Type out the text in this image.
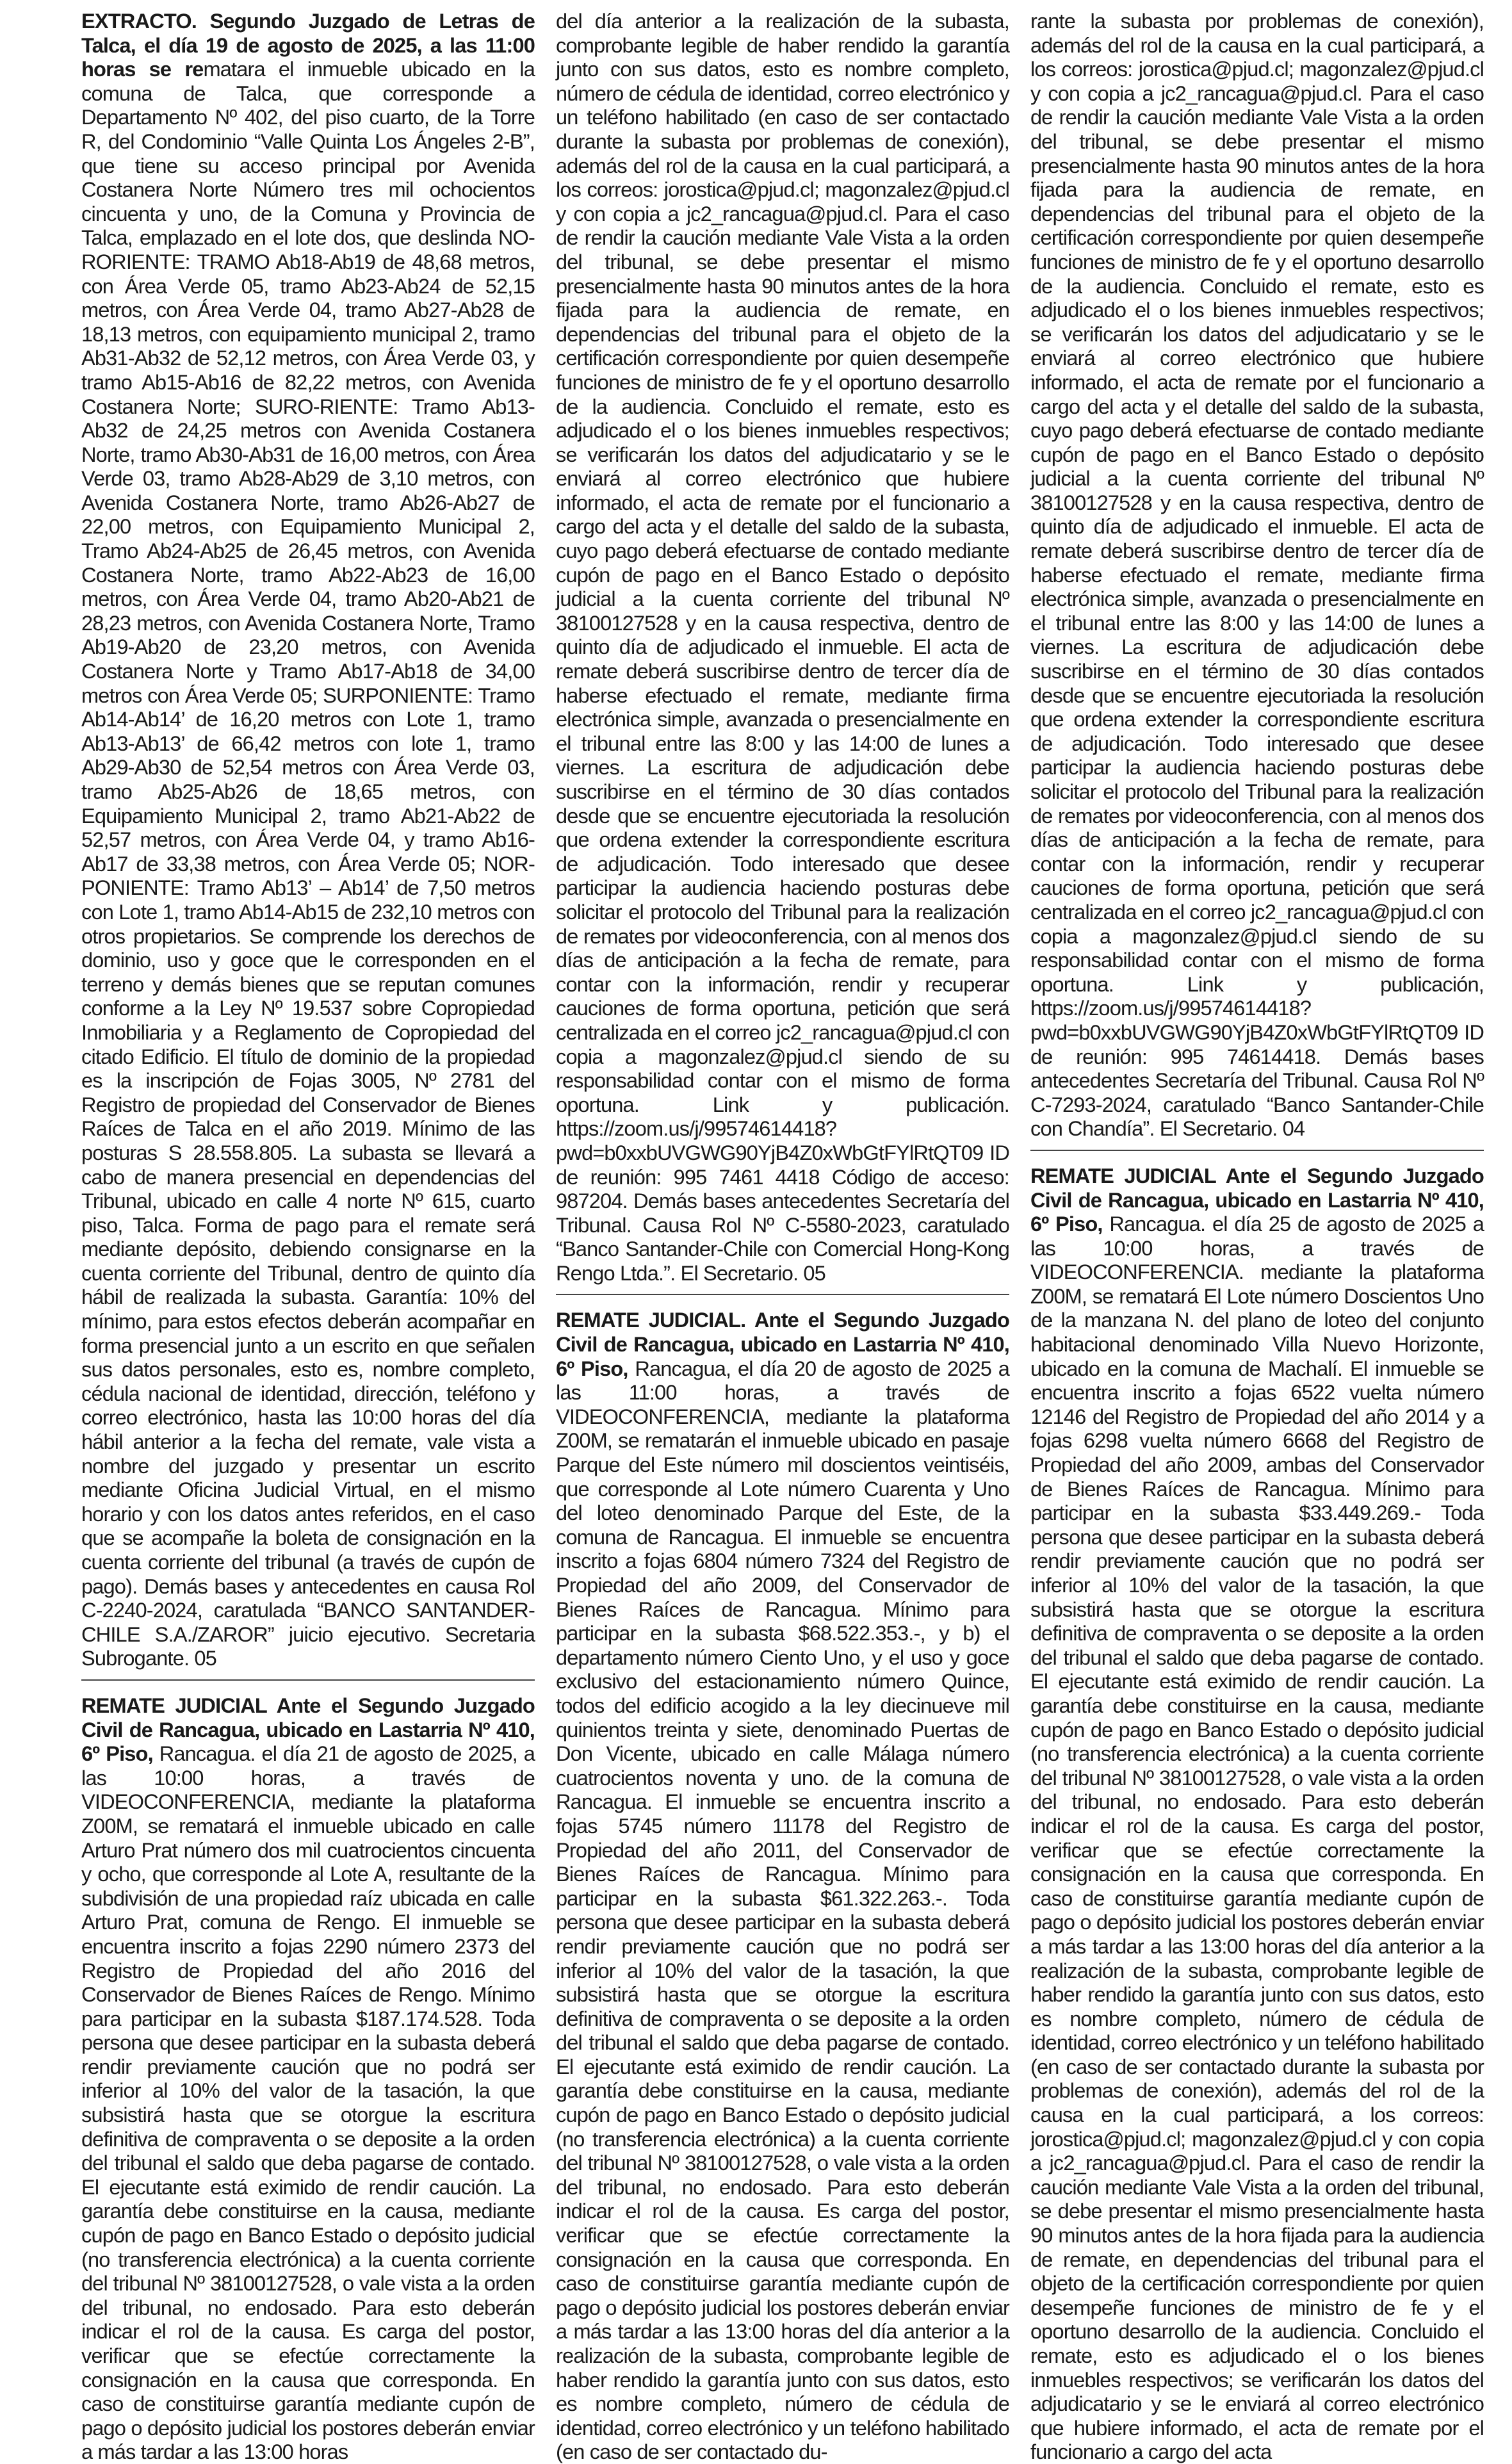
EXTRACTO. Segundo Juzgado de Letras de Talca, el día 19 de agosto de 2025, a las 11:00 horas se rematara el inmueble ubicado en la comuna de Talca, que corresponde a Departamento Nº 402, del piso cuarto, de la Torre R, del Condominio “Valle Quinta Los Ángeles 2-B”, que tiene su acceso principal por Avenida Costanera Norte Número tres mil ochocientos cincuenta y uno, de la Comuna y Provincia de Talca, emplazado en el lote dos, que deslinda NO-RORIENTE: TRAMO Ab18-Ab19 de 48,68 metros, con Área Verde 05, tramo Ab23-Ab24 de 52,15 metros, con Área Verde 04, tramo Ab27-Ab28 de 18,13 metros, con equipamiento municipal 2, tramo Ab31-Ab32 de 52,12 metros, con Área Verde 03, y tramo Ab15-Ab16 de 82,22 metros, con Avenida Costanera Norte; SURO-RIENTE: Tramo Ab13-Ab32 de 24,25 metros con Avenida Costanera Norte, tramo Ab30-Ab31 de 16,00 metros, con Área Verde 03, tramo Ab28-Ab29 de 3,10 metros, con Avenida Costanera Norte, tramo Ab26-Ab27 de 22,00 metros, con Equipamiento Municipal 2, Tramo Ab24-Ab25 de 26,45 metros, con Avenida Costanera Norte, tramo Ab22-Ab23 de 16,00 metros, con Área Verde 04, tramo Ab20-Ab21 de 28,23 metros, con Avenida Costanera Norte, Tramo Ab19-Ab20 de 23,20 metros, con Avenida Costanera Norte y Tramo Ab17-Ab18 de 34,00 metros con Área Verde 05; SURPONIENTE: Tramo Ab14-Ab14’ de 16,20 metros con Lote 1, tramo Ab13-Ab13’ de 66,42 metros con lote 1, tramo Ab29-Ab30 de 52,54 metros con Área Verde 03, tramo Ab25-Ab26 de 18,65 metros, con Equipamiento Municipal 2, tramo Ab21-Ab22 de 52,57 metros, con Área Verde 04, y tramo Ab16- Ab17 de 33,38 metros, con Área Verde 05; NOR-PONIENTE: Tramo Ab13’ – Ab14’ de 7,50 metros con Lote 1, tramo Ab14-Ab15 de 232,10 metros con otros propietarios. Se comprende los derechos de dominio, uso y goce que le corresponden en el terreno y demás bienes que se reputan comunes conforme a la Ley Nº 19.537 sobre Copropiedad Inmobiliaria y a Reglamento de Copropiedad del citado Edificio. El título de dominio de la propiedad es la inscripción de Fojas 3005, Nº 2781 del Registro de propiedad del Conservador de Bienes Raíces de Talca en el año 2019. Mínimo de las posturas S 28.558.805. La subasta se llevará a cabo de manera presencial en dependencias del Tribunal, ubicado en calle 4 norte Nº 615, cuarto piso, Talca. Forma de pago para el remate será mediante depósito, debiendo consignarse en la cuenta corriente del Tribunal, dentro de quinto día hábil de realizada la subasta. Garantía: 10% del mínimo, para estos efectos deberán acompañar en forma presencial junto a un escrito en que señalen sus datos personales, esto es, nombre completo, cédula nacional de identidad, dirección, teléfono y correo electrónico, hasta las 10:00 horas del día hábil anterior a la fecha del remate, vale vista a nombre del juzgado y presentar un escrito mediante Oficina Judicial Virtual, en el mismo horario y con los datos antes referidos, en el caso que se acompañe la boleta de consignación en la cuenta corriente del tribunal (a través de cupón de pago). Demás bases y antecedentes en causa Rol C-2240-2024, caratulada “BANCO SANTANDER-CHILE S.A./ZAROR” juicio ejecutivo. Secretaria Subrogante. 05

REMATE JUDICIAL Ante el Segundo Juzgado Civil de Rancagua, ubicado en Lastarria Nº 410, 6º Piso, Rancagua. el día 21 de agosto de 2025, a las 10:00 horas, a través de VIDEOCONFERENCIA, mediante la plataforma Z00M, se rematará el inmueble ubicado en calle Arturo Prat número dos mil cuatrocientos cincuenta y ocho, que corresponde al Lote A, resultante de la subdivisión de una propiedad raíz ubicada en calle Arturo Prat, comuna de Rengo. El inmueble se encuentra inscrito a fojas 2290 número 2373 del Registro de Propiedad del año 2016 del Conservador de Bienes Raíces de Rengo. Mínimo para participar en la subasta $187.174.528. Toda persona que desee participar en la subasta deberá rendir previamente caución que no podrá ser inferior al 10% del valor de la tasación, la que subsistirá hasta que se otorgue la escritura definitiva de compraventa o se deposite a la orden del tribunal el saldo que deba pagarse de contado. El ejecutante está eximido de rendir caución. La garantía debe constituirse en la causa, mediante cupón de pago en Banco Estado o depósito judicial (no transferencia electrónica) a la cuenta corriente del tribunal Nº 38100127528, o vale vista a la orden del tribunal, no endosado. Para esto deberán indicar el rol de la causa. Es carga del postor, verificar que se efectúe correctamente la consignación en la causa que corresponda. En caso de constituirse garantía mediante cupón de pago o depósito judicial los postores deberán enviar a más tardar a las 13:00 horas

del día anterior a la realización de la subasta, comprobante legible de haber rendido la garantía junto con sus datos, esto es nombre completo, número de cédula de identidad, correo electrónico y un teléfono habilitado (en caso de ser contactado durante la subasta por problemas de conexión), además del rol de la causa en la cual participará, a los correos: jorostica@pjud.cl; magonzalez@pjud.cl y con copia a jc2_rancagua@pjud.cl. Para el caso de rendir la caución mediante Vale Vista a la orden del tribunal, se debe presentar el mismo presencialmente hasta 90 minutos antes de la hora fijada para la audiencia de remate, en dependencias del tribunal para el objeto de la certificación correspondiente por quien desempeñe funciones de ministro de fe y el oportuno desarrollo de la audiencia. Concluido el remate, esto es adjudicado el o los bienes inmuebles respectivos; se verificarán los datos del adjudicatario y se le enviará al correo electrónico que hubiere informado, el acta de remate por el funcionario a cargo del acta y el detalle del saldo de la subasta, cuyo pago deberá efectuarse de contado mediante cupón de pago en el Banco Estado o depósito judicial a la cuenta corriente del tribunal Nº 38100127528 y en la causa respectiva, dentro de quinto día de adjudicado el inmueble. El acta de remate deberá suscribirse dentro de tercer día de haberse efectuado el remate, mediante firma electrónica simple, avanzada o presencialmente en el tribunal entre las 8:00 y las 14:00 de lunes a viernes. La escritura de adjudicación debe suscribirse en el término de 30 días contados desde que se encuentre ejecutoriada la resolución que ordena extender la correspondiente escritura de adjudicación. Todo interesado que desee participar la audiencia haciendo posturas debe solicitar el protocolo del Tribunal para la realización de remates por videoconferencia, con al menos dos días de anticipación a la fecha de remate, para contar con la información, rendir y recuperar cauciones de forma oportuna, petición que será centralizada en el correo jc2_rancagua@pjud.cl con copia a magonzalez@pjud.cl siendo de su responsabilidad contar con el mismo de forma oportuna. Link y publicación. https://zoom.us/j/99574614418?pwd=b0xxbUVGWG90YjB4Z0xWbGtFYlRtQT09 ID de reunión: 995 7461 4418 Código de acceso: 987204. Demás bases antecedentes Secretaría del Tribunal. Causa Rol Nº C-5580-2023, caratulado “Banco Santander-Chile con Comercial Hong-Kong Rengo Ltda.”. El Secretario. 05

REMATE JUDICIAL. Ante el Segundo Juzgado Civil de Rancagua, ubicado en Lastarria Nº 410, 6º Piso, Rancagua, el día 20 de agosto de 2025 a las 11:00 horas, a través de VIDEOCONFERENCIA, mediante la plataforma Z00M, se rematarán el inmueble ubicado en pasaje Parque del Este número mil doscientos veintiséis, que corresponde al Lote número Cuarenta y Uno del loteo denominado Parque del Este, de la comuna de Rancagua. El inmueble se encuentra inscrito a fojas 6804 número 7324 del Registro de Propiedad del año 2009, del Conservador de Bienes Raíces de Rancagua. Mínimo para participar en la subasta $68.522.353.-, y b) el departamento número Ciento Uno, y el uso y goce exclusivo del estacionamiento número Quince, todos del edificio acogido a la ley diecinueve mil quinientos treinta y siete, denominado Puertas de Don Vicente, ubicado en calle Málaga número cuatrocientos noventa y uno. de la comuna de Rancagua. El inmueble se encuentra inscrito a fojas 5745 número 11178 del Registro de Propiedad del año 2011, del Conservador de Bienes Raíces de Rancagua. Mínimo para participar en la subasta $61.322.263.-. Toda persona que desee participar en la subasta deberá rendir previamente caución que no podrá ser inferior al 10% del valor de la tasación, la que subsistirá hasta que se otorgue la escritura definitiva de compraventa o se deposite a la orden del tribunal el saldo que deba pagarse de contado. El ejecutante está eximido de rendir caución. La garantía debe constituirse en la causa, mediante cupón de pago en Banco Estado o depósito judicial (no transferencia electrónica) a la cuenta corriente del tribunal Nº 38100127528, o vale vista a la orden del tribunal, no endosado. Para esto deberán indicar el rol de la causa. Es carga del postor, verificar que se efectúe correctamente la consignación en la causa que corresponda. En caso de constituirse garantía mediante cupón de pago o depósito judicial los postores deberán enviar a más tardar a las 13:00 horas del día anterior a la realización de la subasta, comprobante legible de haber rendido la garantía junto con sus datos, esto es nombre completo, número de cédula de identidad, correo electrónico y un teléfono habilitado (en caso de ser contactado du-

rante la subasta por problemas de conexión), además del rol de la causa en la cual participará, a los correos: jorostica@pjud.cl; magonzalez@pjud.cl y con copia a jc2_rancagua@pjud.cl. Para el caso de rendir la caución mediante Vale Vista a la orden del tribunal, se debe presentar el mismo presencialmente hasta 90 minutos antes de la hora fijada para la audiencia de remate, en dependencias del tribunal para el objeto de la certificación correspondiente por quien desempeñe funciones de ministro de fe y el oportuno desarrollo de la audiencia. Concluido el remate, esto es adjudicado el o los bienes inmuebles respectivos; se verificarán los datos del adjudicatario y se le enviará al correo electrónico que hubiere informado, el acta de remate por el funcionario a cargo del acta y el detalle del saldo de la subasta, cuyo pago deberá efectuarse de contado mediante cupón de pago en el Banco Estado o depósito judicial a la cuenta corriente del tribunal Nº 38100127528 y en la causa respectiva, dentro de quinto día de adjudicado el inmueble. El acta de remate deberá suscribirse dentro de tercer día de haberse efectuado el remate, mediante firma electrónica simple, avanzada o presencialmente en el tribunal entre las 8:00 y las 14:00 de lunes a viernes. La escritura de adjudicación debe suscribirse en el término de 30 días contados desde que se encuentre ejecutoriada la resolución que ordena extender la correspondiente escritura de adjudicación. Todo interesado que desee participar la audiencia haciendo posturas debe solicitar el protocolo del Tribunal para la realización de remates por videoconferencia, con al menos dos días de anticipación a la fecha de remate, para contar con la información, rendir y recuperar cauciones de forma oportuna, petición que será centralizada en el correo jc2_rancagua@pjud.cl con copia a magonzalez@pjud.cl siendo de su responsabilidad contar con el mismo de forma oportuna. Link y publicación, https://zoom.us/j/99574614418?pwd=b0xxbUVGWG90YjB4Z0xWbGtFYlRtQT09 ID de reunión: 995 74614418. Demás bases antecedentes Secretaría del Tribunal. Causa Rol Nº C-7293-2024, caratulado “Banco Santander-Chile con Chandía”. El Secretario. 04

REMATE JUDICIAL Ante el Segundo Juzgado Civil de Rancagua, ubicado en Lastarria Nº 410, 6º Piso, Rancagua. el día 25 de agosto de 2025 a las 10:00 horas, a través de VIDEOCONFERENCIA. mediante la plataforma Z00M, se rematará El Lote número Doscientos Uno de la manzana N. del plano de loteo del conjunto habitacional denominado Villa Nuevo Horizonte, ubicado en la comuna de Machalí. El inmueble se encuentra inscrito a fojas 6522 vuelta número 12146 del Registro de Propiedad del año 2014 y a fojas 6298 vuelta número 6668 del Registro de Propiedad del año 2009, ambas del Conservador de Bienes Raíces de Rancagua. Mínimo para participar en la subasta $33.449.269.- Toda persona que desee participar en la subasta deberá rendir previamente caución que no podrá ser inferior al 10% del valor de la tasación, la que subsistirá hasta que se otorgue la escritura definitiva de compraventa o se deposite a la orden del tribunal el saldo que deba pagarse de contado. El ejecutante está eximido de rendir caución. La garantía debe constituirse en la causa, mediante cupón de pago en Banco Estado o depósito judicial (no transferencia electrónica) a la cuenta corriente del tribunal Nº 38100127528, o vale vista a la orden del tribunal, no endosado. Para esto deberán indicar el rol de la causa. Es carga del postor, verificar que se efectúe correctamente la consignación en la causa que corresponda. En caso de constituirse garantía mediante cupón de pago o depósito judicial los postores deberán enviar a más tardar a las 13:00 horas del día anterior a la realización de la subasta, comprobante legible de haber rendido la garantía junto con sus datos, esto es nombre completo, número de cédula de identidad, correo electrónico y un teléfono habilitado (en caso de ser contactado durante la subasta por problemas de conexión), además del rol de la causa en la cual participará, a los correos: jorostica@pjud.cl; magonzalez@pjud.cl y con copia a jc2_rancagua@pjud.cl. Para el caso de rendir la caución mediante Vale Vista a la orden del tribunal, se debe presentar el mismo presencialmente hasta 90 minutos antes de la hora fijada para la audiencia de remate, en dependencias del tribunal para el objeto de la certificación correspondiente por quien desempeñe funciones de ministro de fe y el oportuno desarrollo de la audiencia. Concluido el remate, esto es adjudicado el o los bienes inmuebles respectivos; se verificarán los datos del adjudicatario y se le enviará al correo electrónico que hubiere informado, el acta de remate por el funcionario a cargo del acta
